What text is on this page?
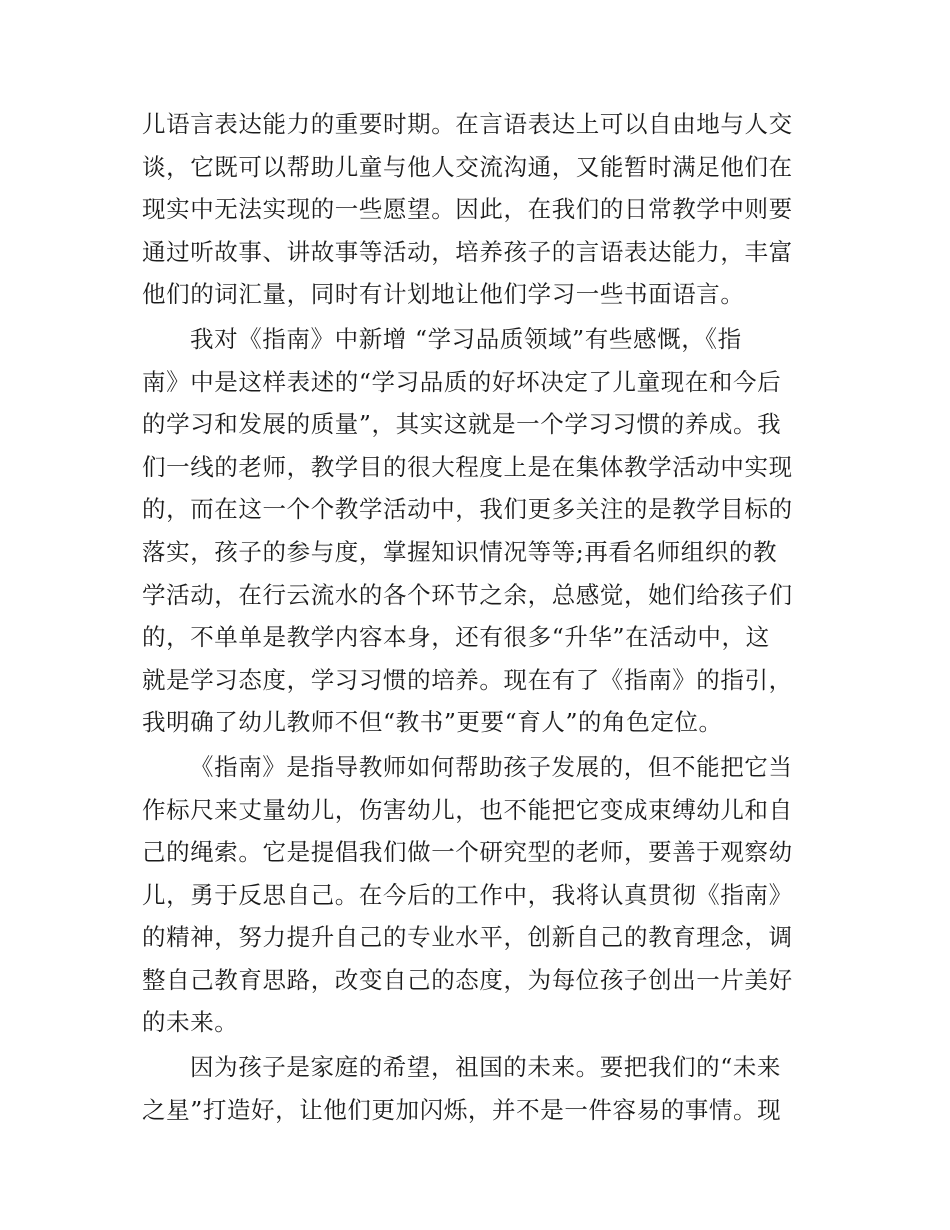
儿语言表达能力的重要时期。在言语表达上可以自由地与人交
谈，它既可以帮助儿童与他人交流沟通，又能暂时满足他们在
现实中无法实现的一些愿望。因此，在我们的日常教学中则要
通过听故事、讲故事等活动，培养孩子的言语表达能力，丰富
他们的词汇量，同时有计划地让他们学习一些书面语言。
我对《指南》中新增 “学习品质领域”有些感慨，《指
南》中是这样表述的“学习品质的好坏决定了儿童现在和今后
的学习和发展的质量”，其实这就是一个学习习惯的养成。我
们一线的老师，教学目的很大程度上是在集体教学活动中实现
的，而在这一个个教学活动中，我们更多关注的是教学目标的
落实，孩子的参与度，掌握知识情况等等;再看名师组织的教
学活动，在行云流水的各个环节之余，总感觉，她们给孩子们
的，不单单是教学内容本身，还有很多“升华”在活动中，这
就是学习态度，学习习惯的培养。现在有了《指南》的指引，
我明确了幼儿教师不但“教书”更要“育人”的角色定位。
《指南》是指导教师如何帮助孩子发展的，但不能把它当
作标尺来丈量幼儿，伤害幼儿，也不能把它变成束缚幼儿和自
己的绳索。它是提倡我们做一个研究型的老师，要善于观察幼
儿，勇于反思自己。在今后的工作中，我将认真贯彻《指南》
的精神，努力提升自己的专业水平，创新自己的教育理念，调
整自己教育思路，改变自己的态度，为每位孩子创出一片美好
的未来。
因为孩子是家庭的希望，祖国的未来。要把我们的“未来
之星”打造好，让他们更加闪烁，并不是一件容易的事情。现
